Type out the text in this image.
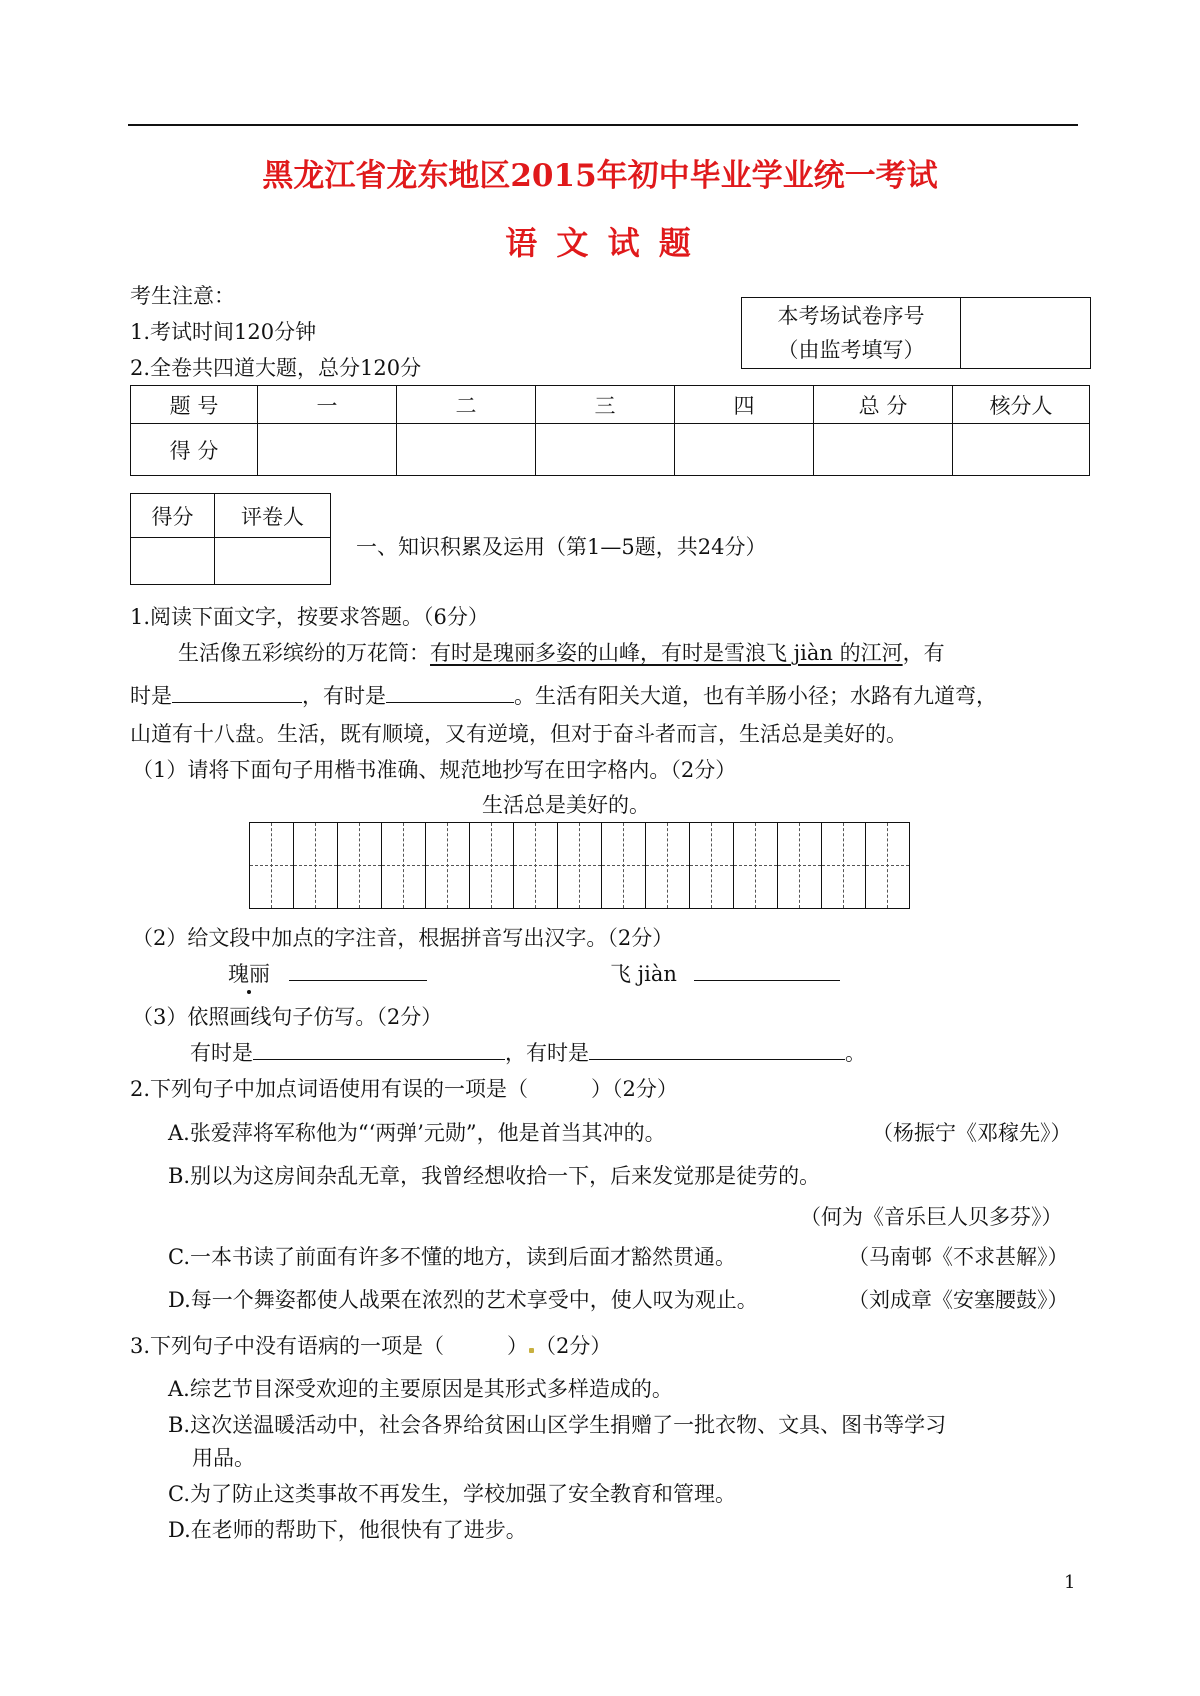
黑龙江省龙东地区2015年初中毕业学业统一考试
语 文 试 题
考生注意：
1.考试时间120分钟
2.全卷共四道大题，总分120分
本考场试卷序号
（由监考填写）

题 号	一	二	三	四	总 分	核分人
得 分						
得分	评卷人

一、知识积累及运用（第1—5题，共24分）
1.阅读下面文字，按要求答题。（6分）
生活像五彩缤纷的万花筒：有时是瑰丽多姿的山峰，有时是雪浪飞 jiàn 的江河，有
时是	，有时是	。生活有阳关大道，也有羊肠小径；水路有九道弯，
山道有十八盘。生活，既有顺境，又有逆境，但对于奋斗者而言，生活总是美好的。
（1）请将下面句子用楷书准确、规范地抄写在田字格内。（2分）
生活总是美好的。
（2）给文段中加点的字注音，根据拼音写出汉字。（2分）
瑰丽	飞 jiàn
（3）依照画线句子仿写。（2分）
有时是	，有时是	。
2.下列句子中加点词语使用有误的一项是（　　　）（2分）
A.张爱萍将军称他为“‘两弹’元勋”，他是首当其冲的。	（杨振宁《邓稼先》）
B.别以为这房间杂乱无章，我曾经想收拾一下，后来发觉那是徒劳的。
（何为《音乐巨人贝多芬》）
C.一本书读了前面有许多不懂的地方，读到后面才豁然贯通。	（马南邨《不求甚解》）
D.每一个舞姿都使人战栗在浓烈的艺术享受中，使人叹为观止。	（刘成章《安塞腰鼓》）
3.下列句子中没有语病的一项是（　　　） （2分）
A.综艺节目深受欢迎的主要原因是其形式多样造成的。
B.这次送温暖活动中，社会各界给贫困山区学生捐赠了一批衣物、文具、图书等学习
用品。
C.为了防止这类事故不再发生，学校加强了安全教育和管理。
D.在老师的帮助下，他很快有了进步。
1
